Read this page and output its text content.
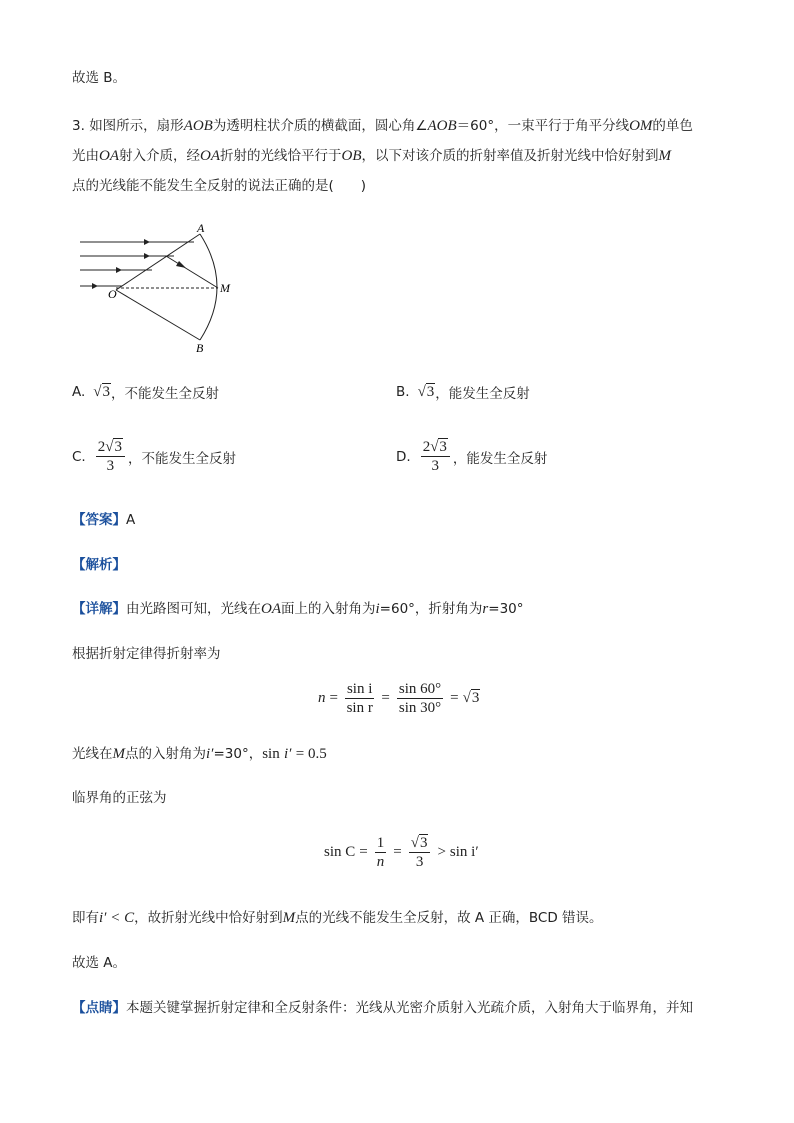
故选 B。
3. 如图所示，扇形AOB为透明柱状介质的横截面，圆心角∠AOB＝60°，一束平行于角平分线OM的单色
光由OA射入介质，经OA折射的光线恰平行于OB，以下对该介质的折射率值及折射光线中恰好射到M
点的光线能不能发生全反射的说法正确的是(　　)
A
O	M
B
A. √3 ，不能发生全反射	B. √3 ，能发生全反射
C. $\frac{2√3}{3}$ ，不能发生全反射	D. $\frac{2√3}{3}$ ，能发生全反射
【答案】A
【解析】
【详解】由光路图可知，光线在OA面上的入射角为i=60°，折射角为r=30°
根据折射定律得折射率为
$n = \frac{\text{sin i}}{\text{sin r}} = \frac{\sin 60^\circ}{\sin 30^\circ} = √3$
光线在M点的入射角为i′=30°，sin i′ = 0.5
临界角的正弦为
$\sin C = \frac{1}{n} = \frac{√3}{3} > \sin i'$
即有i′ < C，故折射光线中恰好射到M点的光线不能发生全反射，故 A 正确，BCD 错误。
故选 A。
【点睛】本题关键掌握折射定律和全反射条件：光线从光密介质射入光疏介质，入射角大于临界角，并知
